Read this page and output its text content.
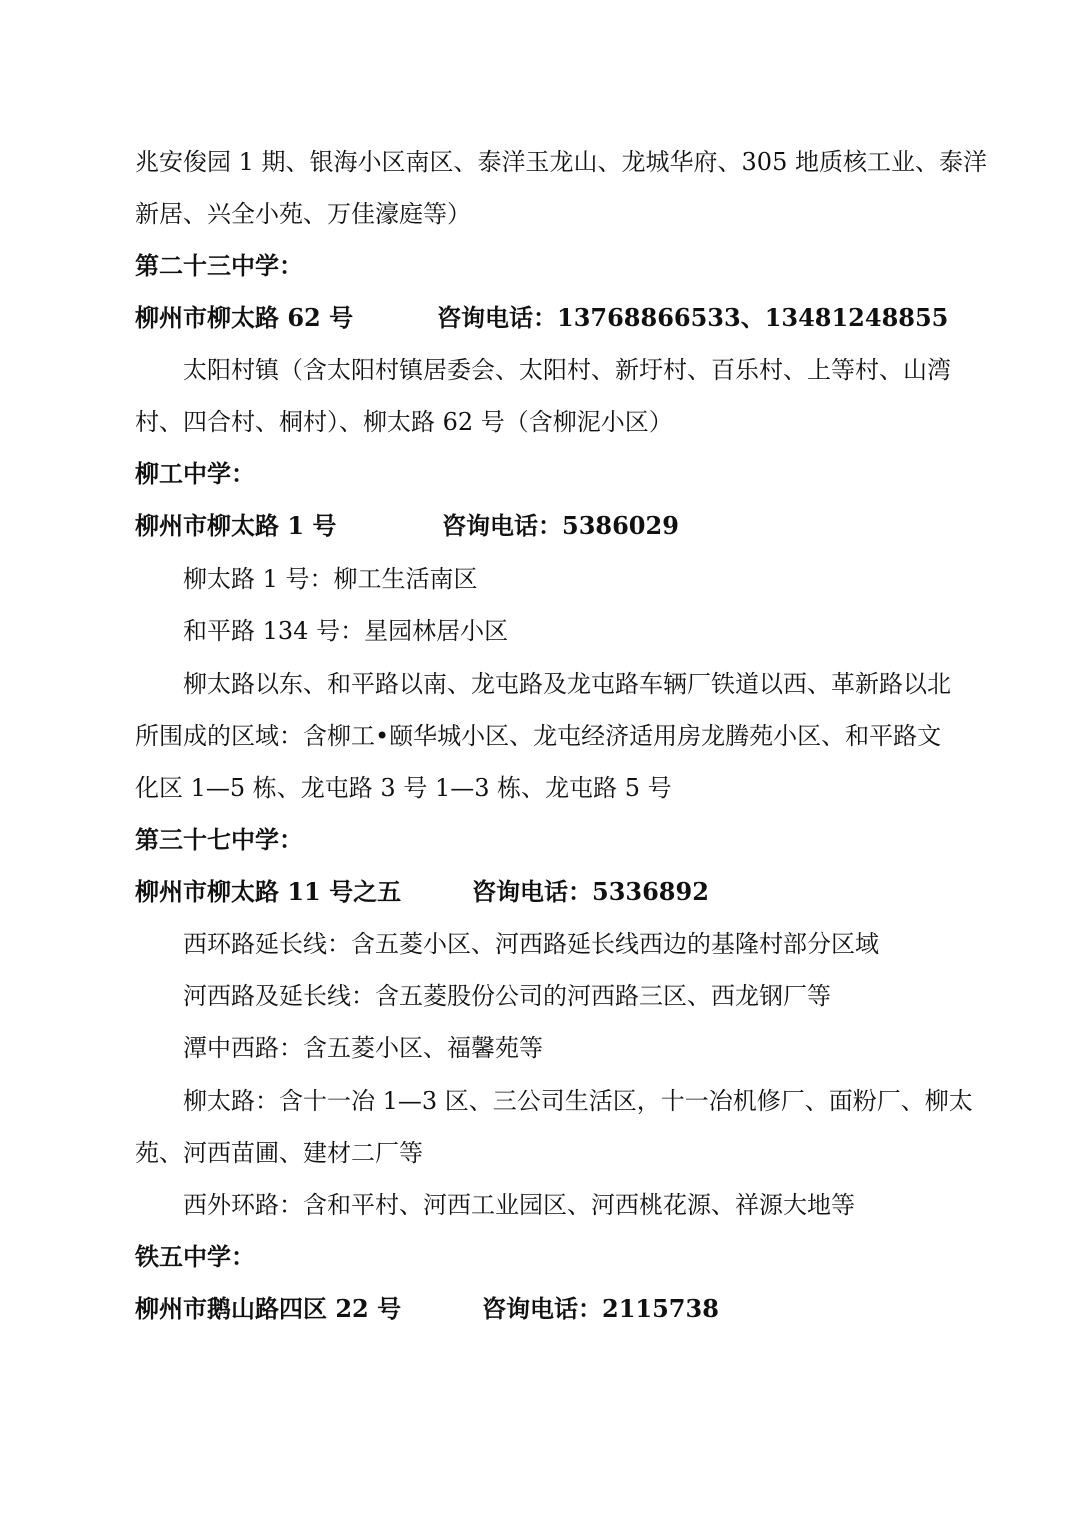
兆安俊园 1 期、银海小区南区、泰洋玉龙山、龙城华府、305 地质核工业、泰洋
新居、兴全小苑、万佳濠庭等）
第二十三中学：
柳州市柳太路 62 号	咨询电话：13768866533、13481248855
太阳村镇（含太阳村镇居委会、太阳村、新圩村、百乐村、上等村、山湾
村、四合村、桐村）、柳太路 62 号（含柳泥小区）
柳工中学：
柳州市柳太路 1 号	咨询电话：5386029
柳太路 1 号：柳工生活南区
和平路 134 号：星园林居小区
柳太路以东、和平路以南、龙屯路及龙屯路车辆厂铁道以西、革新路以北
所围成的区域：含柳工•颐华城小区、龙屯经济适用房龙腾苑小区、和平路文
化区 1—5 栋、龙屯路 3 号 1—3 栋、龙屯路 5 号
第三十七中学：
柳州市柳太路 11 号之五	咨询电话：5336892
西环路延长线：含五菱小区、河西路延长线西边的基隆村部分区域
河西路及延长线：含五菱股份公司的河西路三区、西龙钢厂等
潭中西路：含五菱小区、福馨苑等
柳太路：含十一冶 1—3 区、三公司生活区，十一冶机修厂、面粉厂、柳太
苑、河西苗圃、建材二厂等
西外环路：含和平村、河西工业园区、河西桃花源、祥源大地等
铁五中学：
柳州市鹅山路四区 22 号	咨询电话：2115738
